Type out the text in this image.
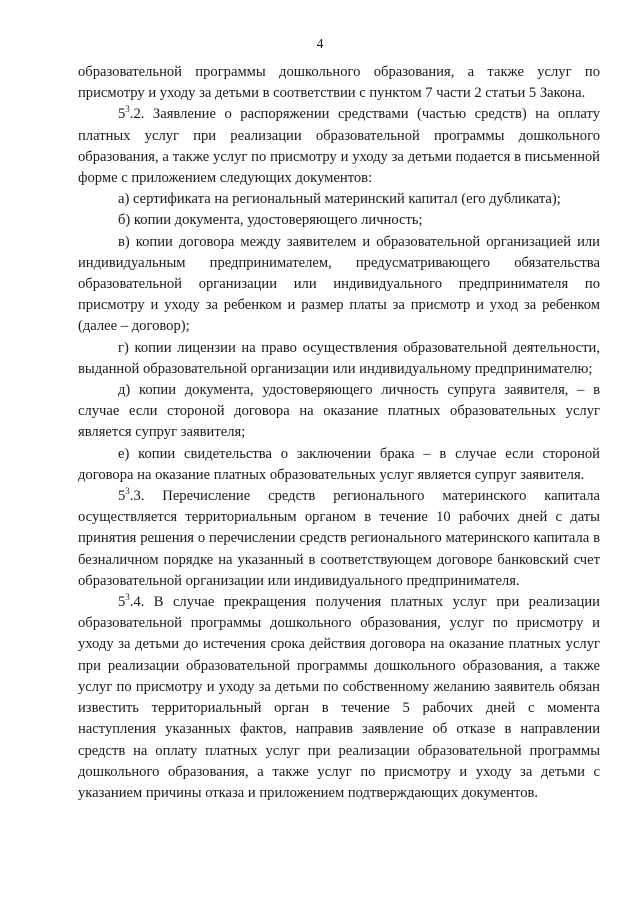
4

образовательной программы дошкольного образования, а также услуг по присмотру и уходу за детьми в соответствии с пунктом 7 части 2 статьи 5 Закона.

$5^3.2$. Заявление о распоряжении средствами (частью средств) на оплату платных услуг при реализации образовательной программы дошкольного образования, а также услуг по присмотру и уходу за детьми подается в письменной форме с приложением следующих документов:

а) сертификата на региональный материнский капитал (его дубликата);

б) копии документа, удостоверяющего личность;

в) копии договора между заявителем и образовательной организацией или индивидуальным предпринимателем, предусматривающего обязательства образовательной организации или индивидуального предпринимателя по присмотру и уходу за ребенком и размер платы за присмотр и уход за ребенком (далее – договор);

г) копии лицензии на право осуществления образовательной деятельности, выданной образовательной организации или индивидуальному предпринимателю;

д) копии документа, удостоверяющего личность супруга заявителя, – в случае если стороной договора на оказание платных образовательных услуг является супруг заявителя;

е) копии свидетельства о заключении брака – в случае если стороной договора на оказание платных образовательных услуг является супруг заявителя.

$5^3.3$. Перечисление средств регионального материнского капитала осуществляется территориальным органом в течение 10 рабочих дней с даты принятия решения о перечислении средств регионального материнского капитала в безналичном порядке на указанный в соответствующем договоре банковский счет образовательной организации или индивидуального предпринимателя.

$5^3.4$. В случае прекращения получения платных услуг при реализации образовательной программы дошкольного образования, услуг по присмотру и уходу за детьми до истечения срока действия договора на оказание платных услуг при реализации образовательной программы дошкольного образования, а также услуг по присмотру и уходу за детьми по собственному желанию заявитель обязан известить территориальный орган в течение 5 рабочих дней с момента наступления указанных фактов, направив заявление об отказе в направлении средств на оплату платных услуг при реализации образовательной программы дошкольного образования, а также услуг по присмотру и уходу за детьми с указанием причины отказа и приложением подтверждающих документов.
